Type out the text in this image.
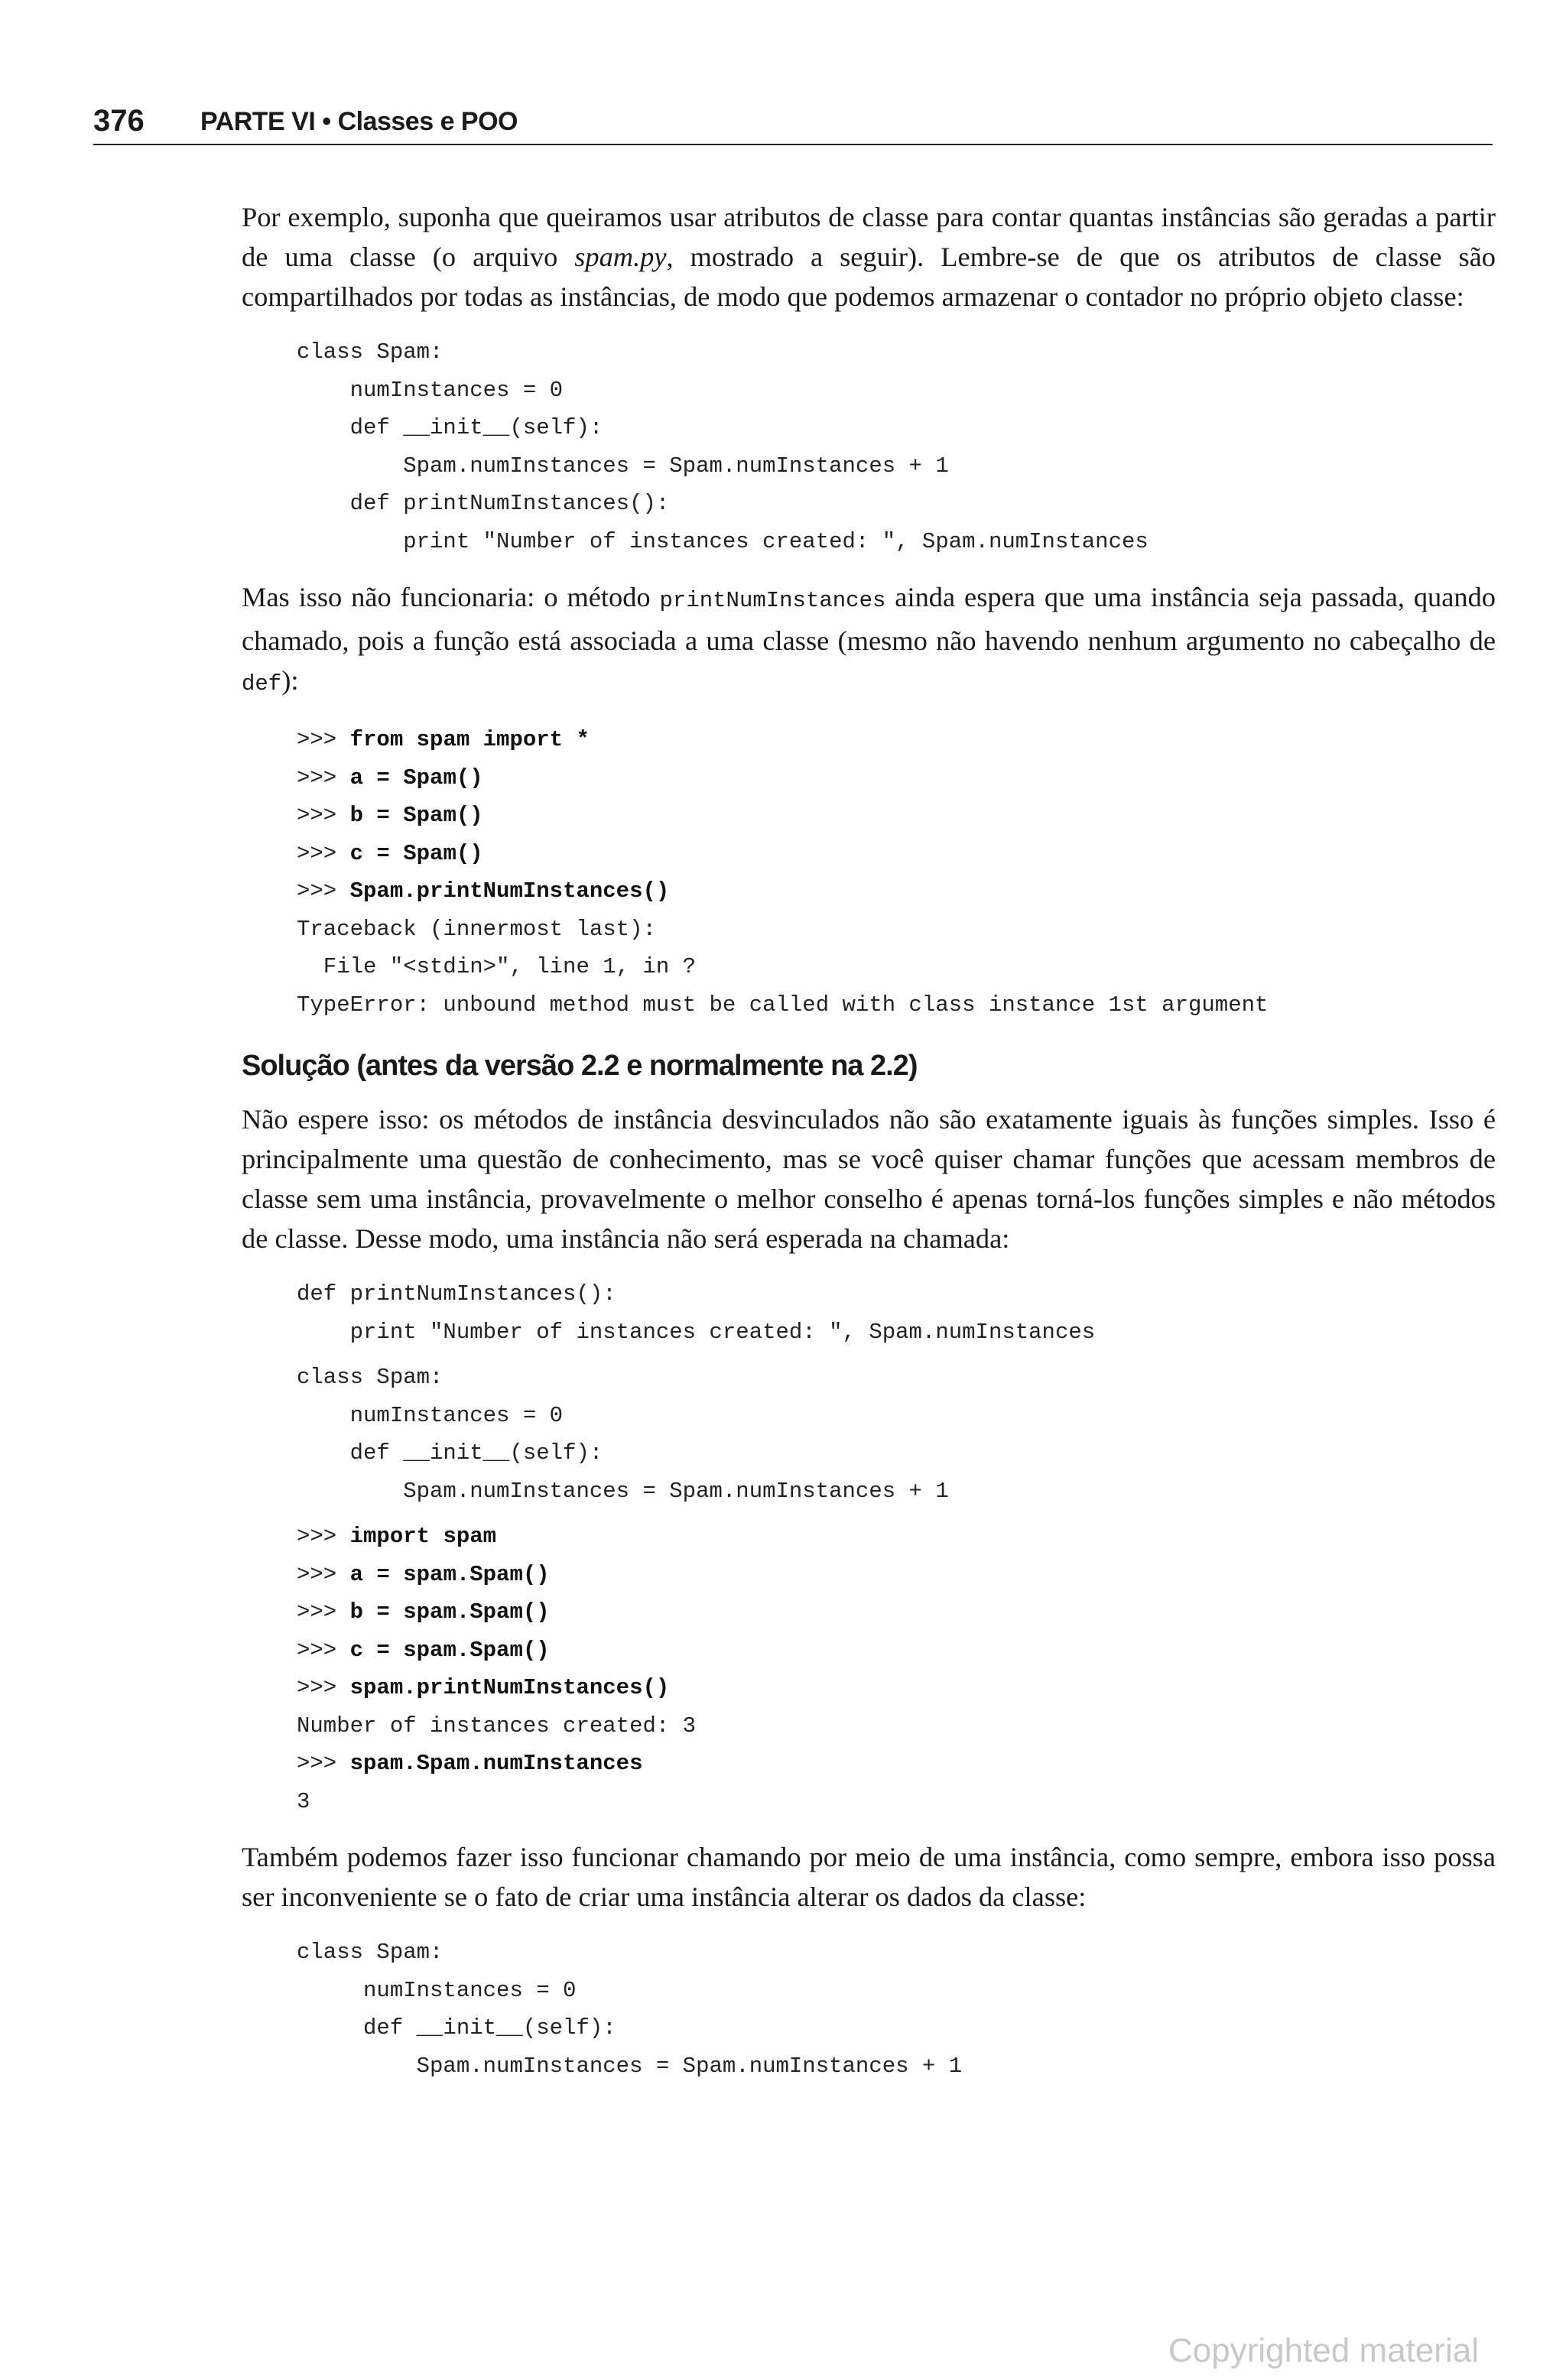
376 PARTE VI • Classes e POO

Por exemplo, suponha que queiramos usar atributos de classe para contar quantas instâncias são geradas a partir de uma classe (o arquivo spam.py, mostrado a seguir). Lembre-se de que os atributos de classe são compartilhados por todas as instâncias, de modo que podemos armazenar o contador no próprio objeto classe:

class Spam:
numInstances = 0
def __init__(self):
Spam.numInstances = Spam.numInstances + 1
def printNumInstances():
print "Number of instances created: ", Spam.numInstances

Mas isso não funcionaria: o método printNumInstances ainda espera que uma instância seja passada, quando chamado, pois a função está associada a uma classe (mesmo não havendo nenhum argumento no cabeçalho de def):

>>> from spam import *
>>> a = Spam()
>>> b = Spam()
>>> c = Spam()
>>> Spam.printNumInstances()
Traceback (innermost last):
File "<stdin>", line 1, in ?
TypeError: unbound method must be called with class instance 1st argument
Solução (antes da versão 2.2 e normalmente na 2.2)

Não espere isso: os métodos de instância desvinculados não são exatamente iguais às funções simples. Isso é principalmente uma questão de conhecimento, mas se você quiser chamar funções que acessam membros de classe sem uma instância, provavelmente o melhor conselho é apenas torná-los funções simples e não métodos de classe. Desse modo, uma instância não será esperada na chamada:

def printNumInstances():
print "Number of instances created: ", Spam.numInstances
class Spam:
numInstances = 0
def __init__(self):
Spam.numInstances = Spam.numInstances + 1
>>> import spam
>>> a = spam.Spam()
>>> b = spam.Spam()
>>> c = spam.Spam()
>>> spam.printNumInstances()
Number of instances created: 3
>>> spam.Spam.numInstances
3

Também podemos fazer isso funcionar chamando por meio de uma instância, como sempre, embora isso possa ser inconveniente se o fato de criar uma instância alterar os dados da classe:

class Spam:
numInstances = 0
def __init__(self):
Spam.numInstances = Spam.numInstances + 1
Copyrighted material
